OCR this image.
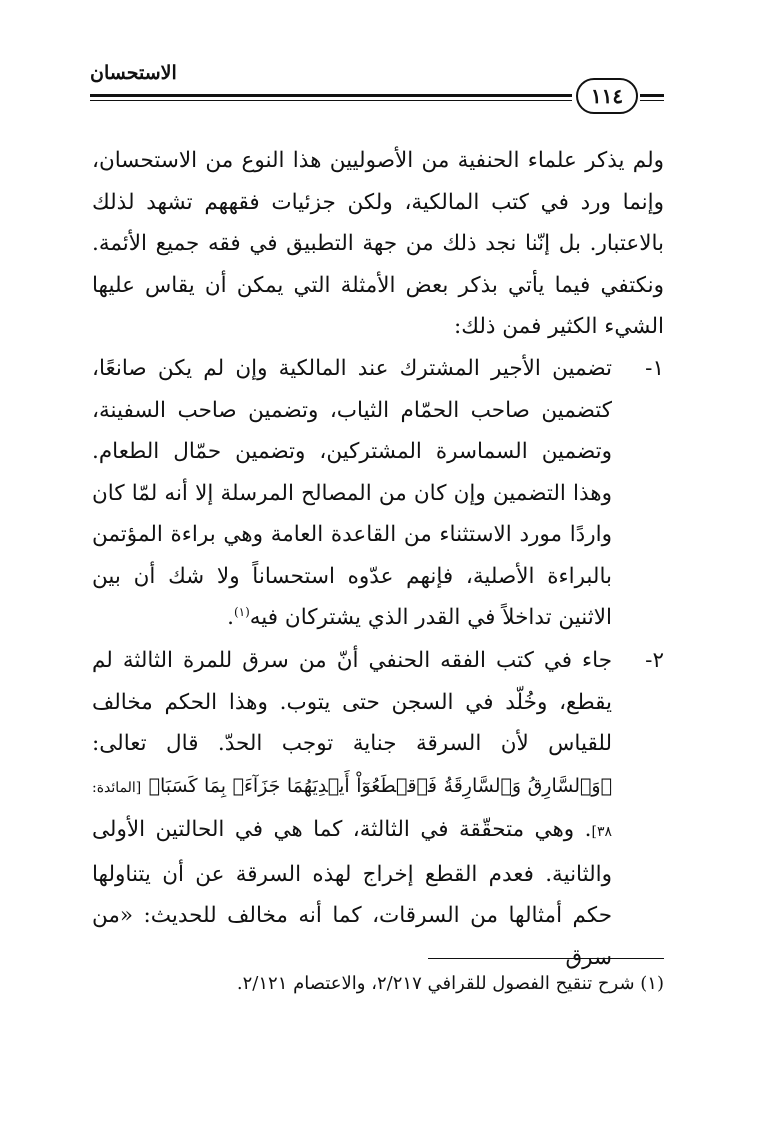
الاستحسان
١١٤
ولم يذكر علماء الحنفية من الأصوليين هذا النوع من الاستحسان، وإنما ورد في كتب المالكية، ولكن جزئيات فقههم تشهد لذلك بالاعتبار. بل إنّنا نجد ذلك من جهة التطبيق في فقه جميع الأئمة. ونكتفي فيما يأتي بذكر بعض الأمثلة التي يمكن أن يقاس عليها الشيء الكثير فمن ذلك:
١-
تضمين الأجير المشترك عند المالكية وإن لم يكن صانعًا، كتضمين صاحب الحمّام الثياب، وتضمين صاحب السفينة، وتضمين السماسرة المشتركين، وتضمين حمّال الطعام. وهذا التضمين وإن كان من المصالح المرسلة إلا أنه لمّا كان واردًا مورد الاستثناء من القاعدة العامة وهي براءة المؤتمن بالبراءة الأصلية، فإنهم عدّوه استحساناً ولا شك أن بين الاثنين تداخلاً في القدر الذي يشتركان فيه$^{(١)}$.
٢-
جاء في كتب الفقه الحنفي أنّ من سرق للمرة الثالثة لم يقطع، وخُلّد في السجن حتى يتوب. وهذا الحكم مخالف للقياس لأن السرقة جناية توجب الحدّ. قال تعالى: ﴿وَٱلسَّارِقُ وَٱلسَّارِقَةُ فَٱقۡطَعُوٓاْ أَيۡدِيَهُمَا جَزَآءَۢ بِمَا كَسَبَا﴾ [المائدة: ٣٨]. وهي متحقّقة في الثالثة، كما هي في الحالتين الأولى والثانية. فعدم القطع إخراج لهذه السرقة عن أن يتناولها حكم أمثالها من السرقات، كما أنه مخالف للحديث: «من سرق
(١) شرح تنقيح الفصول للقرافي ٢/٢١٧، والاعتصام ٢/١٢١.
